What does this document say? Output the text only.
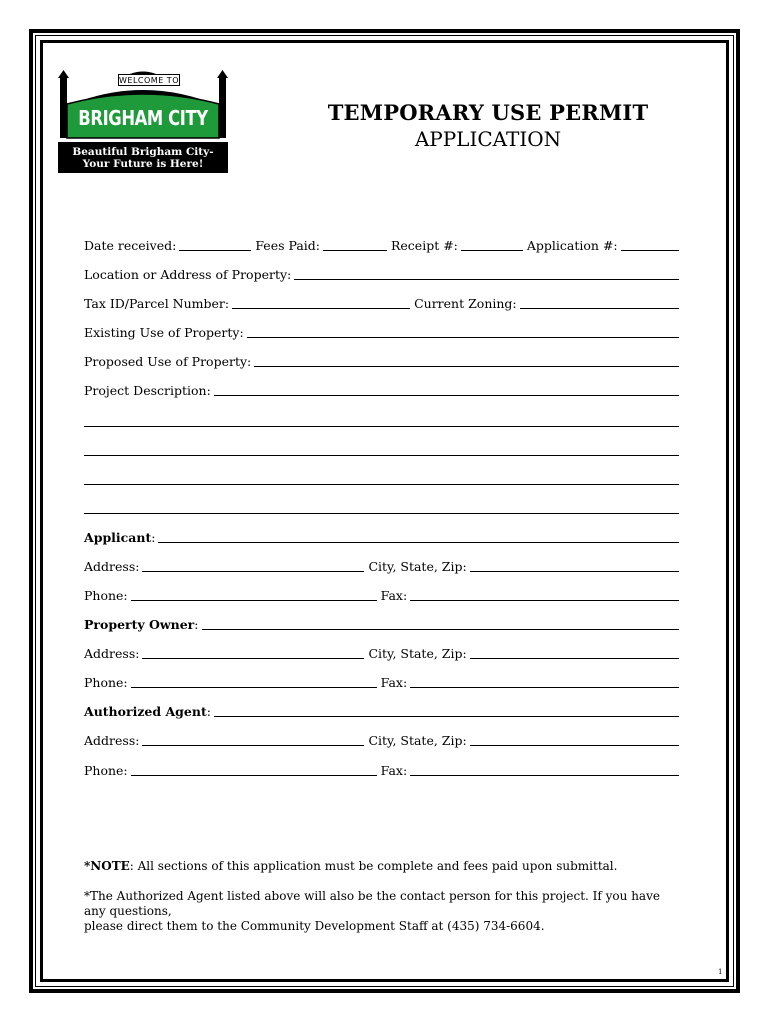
WELCOME TO
BRIGHAM CITY
Beautiful Brigham City-
Your Future is Here!
TEMPORARY USE PERMIT
APPLICATION
Date received:	Fees Paid:	Receipt #:	Application #:
Location or Address of Property:
Tax ID/Parcel Number:	Current Zoning:
Existing Use of Property:
Proposed Use of Property:
Project Description:
Applicant :
Address:	City, State, Zip:
Phone:	Fax:
Property Owner :
Address:	City, State, Zip:
Phone:	Fax:
Authorized Agent :
Address:	City, State, Zip:
Phone:	Fax:
*NOTE: All sections of this application must be complete and fees paid upon submittal.
*The Authorized Agent listed above will also be the contact person for this project. If you have any questions,
please direct them to the Community Development Staff at (435) 734-6604.
1
